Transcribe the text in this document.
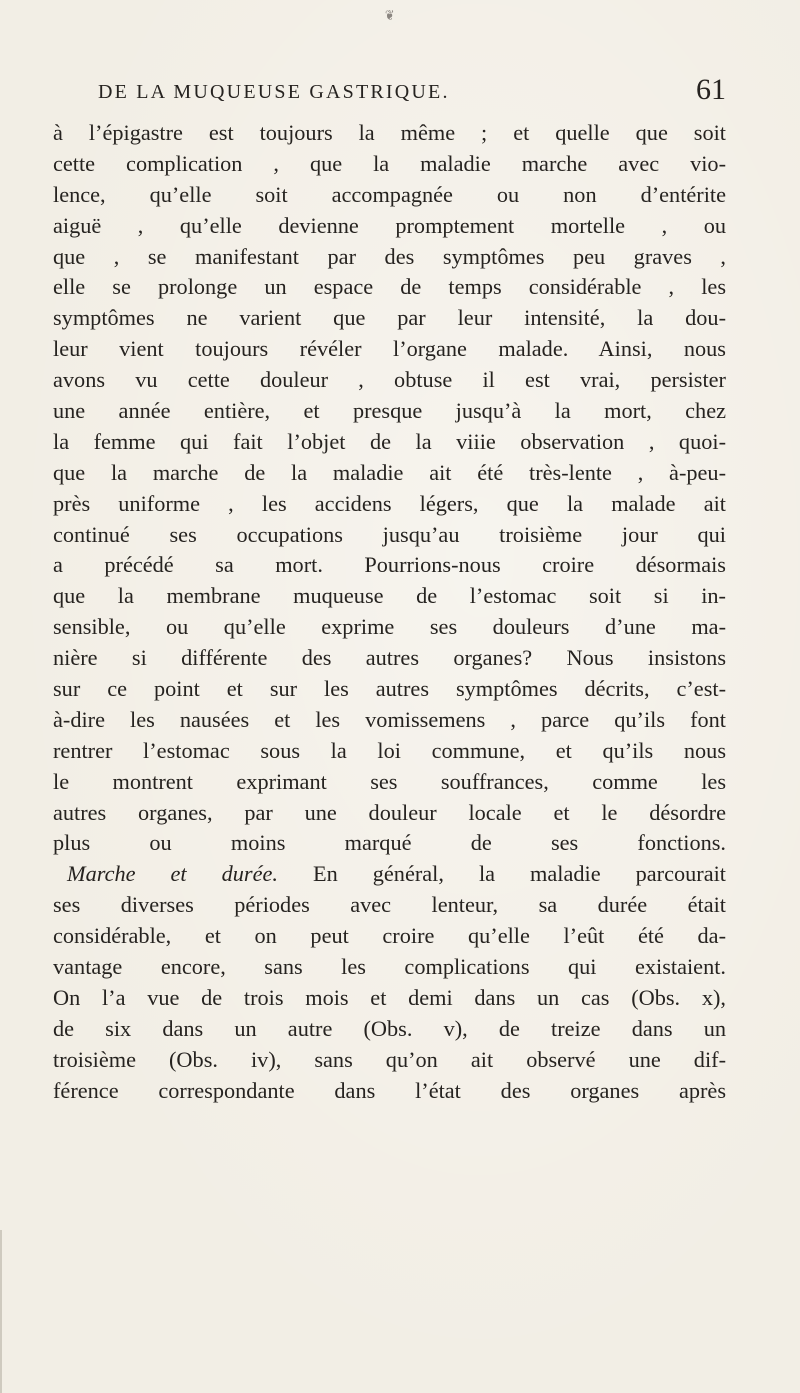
❦
DE LA MUQUEUSE GASTRIQUE.	61
à l’épigastre est toujours la même ; et quelle que soit
cette complication , que la maladie marche avec vio-
lence, qu’elle soit accompagnée ou non d’entérite
aiguë , qu’elle devienne promptement mortelle , ou
que , se manifestant par des symptômes peu graves ,
elle se prolonge un espace de temps considérable , les
symptômes ne varient que par leur intensité, la dou-
leur vient toujours révéler l’organe malade. Ainsi, nous
avons vu cette douleur , obtuse il est vrai, persister
une année entière, et presque jusqu’à la mort, chez
la femme qui fait l’objet de la viiie observation , quoi-
que la marche de la maladie ait été très-lente , à-peu-
près uniforme , les accidens légers, que la malade ait
continué ses occupations jusqu’au troisième jour qui
a précédé sa mort. Pourrions-nous croire désormais
que la membrane muqueuse de l’estomac soit si in-
sensible, ou qu’elle exprime ses douleurs d’une ma-
nière si différente des autres organes? Nous insistons
sur ce point et sur les autres symptômes décrits, c’est-
à-dire les nausées et les vomissemens , parce qu’ils font
rentrer l’estomac sous la loi commune, et qu’ils nous
le montrent exprimant ses souffrances, comme les
autres organes, par une douleur locale et le désordre
plus ou moins marqué de ses fonctions.
Marche et durée. En général, la maladie parcourait
ses diverses périodes avec lenteur, sa durée était
considérable, et on peut croire qu’elle l’eût été da-
vantage encore, sans les complications qui existaient.
On l’a vue de trois mois et demi dans un cas (Obs. x),
de six dans un autre (Obs. v), de treize dans un
troisième (Obs. iv), sans qu’on ait observé une dif-
férence correspondante dans l’état des organes après
